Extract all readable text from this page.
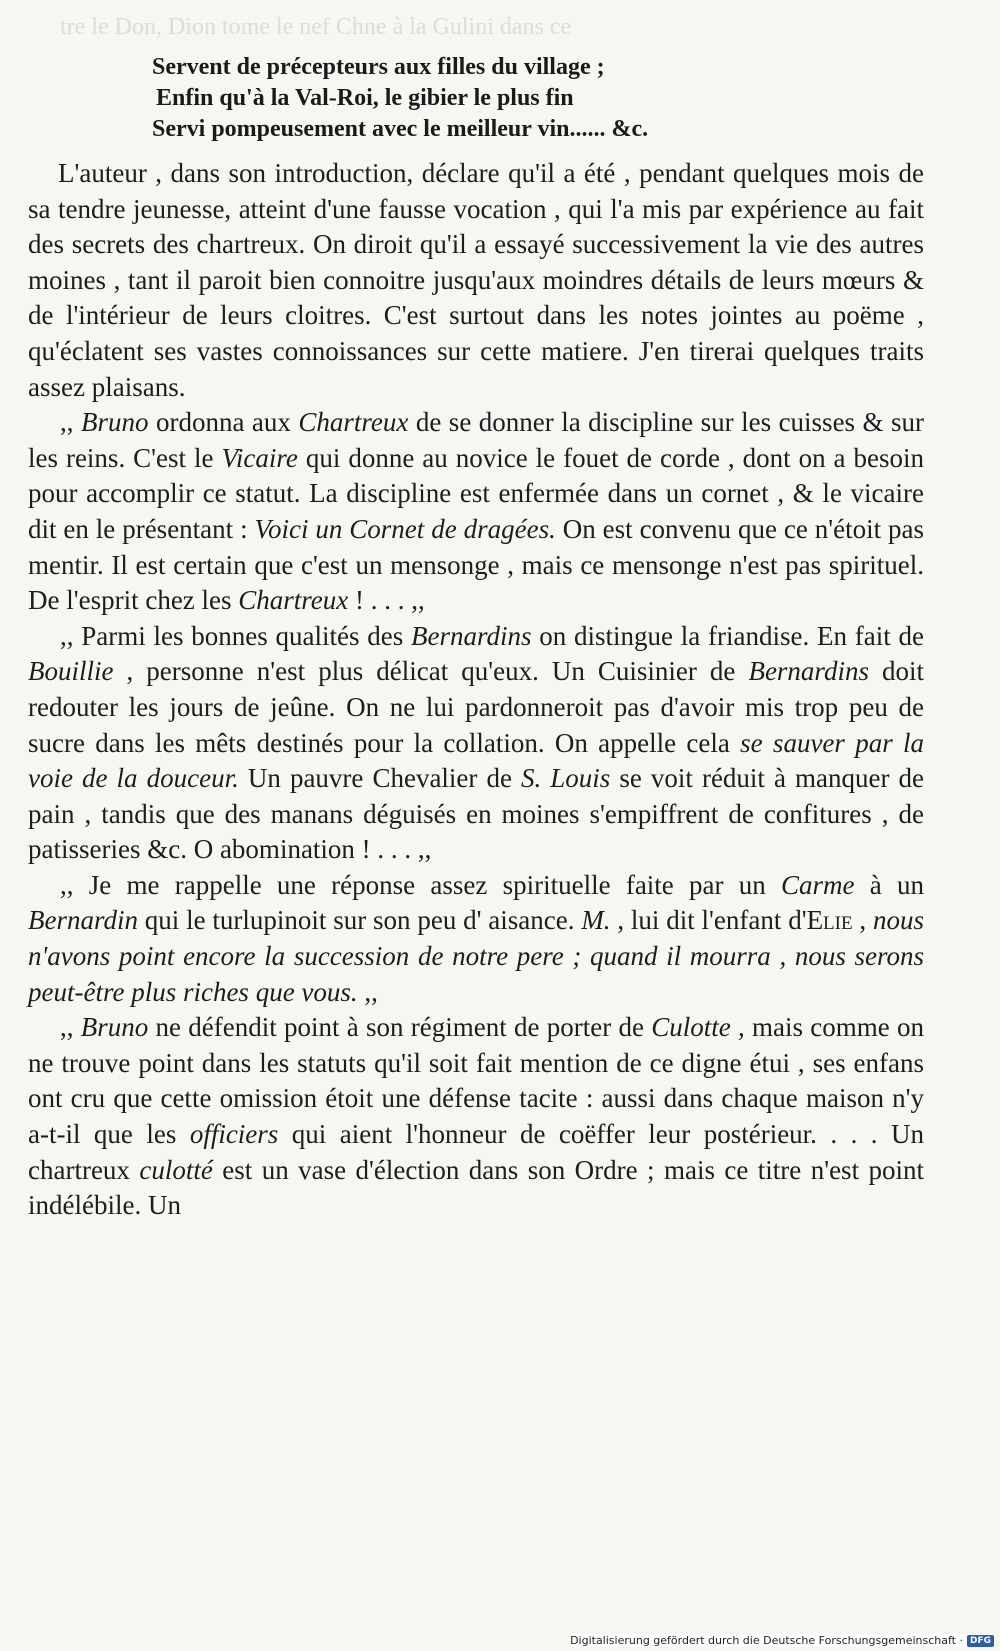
tre le Don, Dion tome le nef Chne à la Gulini dans ce
Servent de précepteurs aux filles du village ;
Enfin qu'à la Val-Roi, le gibier le plus fin
Servi pompeusement avec le meilleur vin...... &c.

L'auteur , dans son introduction, déclare qu'il a été , pendant quelques mois de sa tendre jeunesse, atteint d'une fausse vocation , qui l'a mis par expérience au fait des secrets des chartreux. On diroit qu'il a essayé successivement la vie des autres moines , tant il paroit bien connoitre jusqu'aux moindres détails de leurs mœurs & de l'intérieur de leurs cloitres. C'est surtout dans les notes jointes au poëme , qu'éclatent ses vastes connoissances sur cette matiere. J'en tirerai quelques traits assez plaisans.

,, Bruno ordonna aux Chartreux de se donner la discipline sur les cuisses & sur les reins. C'est le Vicaire qui donne au novice le fouet de corde , dont on a besoin pour accomplir ce statut. La discipline est enfermée dans un cornet , & le vicaire dit en le présentant : Voici un Cornet de dragées. On est convenu que ce n'étoit pas mentir. Il est certain que c'est un mensonge , mais ce mensonge n'est pas spirituel. De l'esprit chez les Chartreux ! . . . ,,

,, Parmi les bonnes qualités des Bernardins on distingue la friandise. En fait de Bouillie , personne n'est plus délicat qu'eux. Un Cuisinier de Bernardins doit redouter les jours de jeûne. On ne lui pardonneroit pas d'avoir mis trop peu de sucre dans les mêts destinés pour la collation. On appelle cela se sauver par la voie de la douceur. Un pauvre Chevalier de S. Louis se voit réduit à manquer de pain , tandis que des manans déguisés en moines s'empiffrent de confitures , de patisseries &c. O abomination ! . . . ,,

,, Je me rappelle une réponse assez spirituelle faite par un Carme à un Bernardin qui le turlupinoit sur son peu d' aisance. M. , lui dit l'enfant d'Elie , nous n'avons point encore la succession de notre pere ; quand il mourra , nous serons peut-être plus riches que vous. ,,

,, Bruno ne défendit point à son régiment de porter de Culotte , mais comme on ne trouve point dans les statuts qu'il soit fait mention de ce digne étui , ses enfans ont cru que cette omission étoit une défense tacite : aussi dans chaque maison n'y a-t-il que les officiers qui aient l'honneur de coëffer leur postérieur. . . . Un chartreux culotté est un vase d'élection dans son Ordre ; mais ce titre n'est point indélébile. Un

Digitalisierung gefördert durch die Deutsche Forschungsgemeinschaft · DFG
